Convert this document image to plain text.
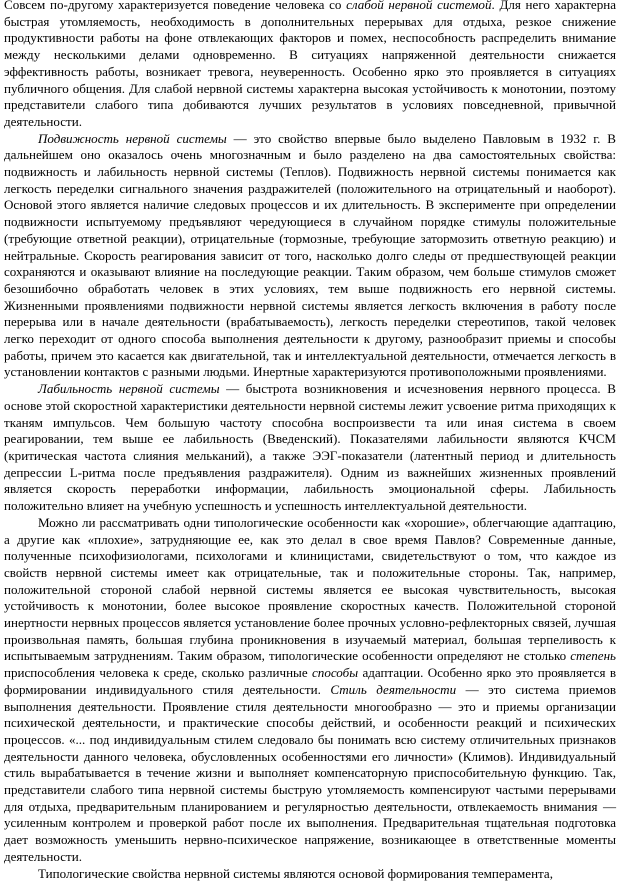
Совсем по-другому характеризуется поведение человека со слабой нервной системой. Для него характерна быстрая утомляемость, необходимость в дополнительных перерывах для отдыха, резкое снижение продуктивности работы на фоне отвлекающих факторов и помех, неспособность распределить внимание между несколькими делами одновременно. В ситуациях напряженной деятельности снижается эффективность работы, возникает тревога, неуверенность. Особенно ярко это проявляется в ситуациях публичного общения. Для слабой нервной системы характерна высокая устойчивость к монотонии, поэтому представители слабого типа добиваются лучших результатов в условиях повседневной, привычной деятельности.

Подвижность нервной системы — это свойство впервые было выделено Павловым в 1932 г. В дальнейшем оно оказалось очень многозначным и было разделено на два самостоятельных свойства: подвижность и лабильность нервной системы (Теплов). Подвижность нервной системы понимается как легкость переделки сигнального значения раздражителей (положительного на отрицательный и наоборот). Основой этого является наличие следовых процессов и их длительность. В эксперименте при определении подвижности испытуемому предъявляют чередующиеся в случайном порядке стимулы положительные (требующие ответной реакции), отрицательные (тормозные, требующие затормозить ответную реакцию) и нейтральные. Скорость реагирования зависит от того, насколько долго следы от предшествующей реакции сохраняются и оказывают влияние на последующие реакции. Таким образом, чем больше стимулов сможет безошибочно обработать человек в этих условиях, тем выше подвижность его нервной системы. Жизненными проявлениями подвижности нервной системы является легкость включения в работу после перерыва или в начале деятельности (врабатываемость), легкость переделки стереотипов, такой человек легко переходит от одного способа выполнения деятельности к другому, разнообразит приемы и способы работы, причем это касается как двигательной, так и интеллектуальной деятельности, отмечается легкость в установлении контактов с разными людьми. Инертные характеризуются противоположными проявлениями.

Лабильность нервной системы — быстрота возникновения и исчезновения нервного процесса. В основе этой скоростной характеристики деятельности нервной системы лежит усвоение ритма приходящих к тканям импульсов. Чем большую частоту способна воспроизвести та или иная система в своем реагировании, тем выше ее лабильность (Введенский). Показателями лабильности являются КЧСМ (критическая частота слияния мельканий), а также ЭЭГ-показатели (латентный период и длительность депрессии L-ритма после предъявления раздражителя). Одним из важнейших жизненных проявлений является скорость переработки информации, лабильность эмоциональной сферы. Лабильность положительно влияет на учебную успешность и успешность интеллектуальной деятельности.

Можно ли рассматривать одни типологические особенности как «хорошие», облегчающие адаптацию, а другие как «плохие», затрудняющие ее, как это делал в свое время Павлов? Современные данные, полученные психофизиологами, психологами и клиницистами, свидетельствуют о том, что каждое из свойств нервной системы имеет как отрицательные, так и положительные стороны. Так, например, положительной стороной слабой нервной системы является ее высокая чувствительность, высокая устойчивость к монотонии, более высокое проявление скоростных качеств. Положительной стороной инертности нервных процессов является установление более прочных условно-рефлекторных связей, лучшая произвольная память, большая глубина проникновения в изучаемый материал, большая терпеливость к испытываемым затруднениям. Таким образом, типологические особенности определяют не столько степень приспособления человека к среде, сколько различные способы адаптации. Особенно ярко это проявляется в формировании индивидуального стиля деятельности. Стиль деятельности — это система приемов выполнения деятельности. Проявление стиля деятельности многообразно — это и приемы организации психической деятельности, и практические способы действий, и особенности реакций и психических процессов. «... под индивидуальным стилем следовало бы понимать всю систему отличительных признаков деятельности данного человека, обусловленных особенностями его личности» (Климов). Индивидуальный стиль вырабатывается в течение жизни и выполняет компенсаторную приспособительную функцию. Так, представители слабого типа нервной системы быструю утомляемость компенсируют частыми перерывами для отдыха, предварительным планированием и регулярностью деятельности, отвлекаемость внимания — усиленным контролем и проверкой работ после их выполнения. Предварительная тщательная подготовка дает возможность уменьшить нервно-психическое напряжение, возникающее в ответственные моменты деятельности.

Типологические свойства нервной системы являются основой формирования темперамента,
